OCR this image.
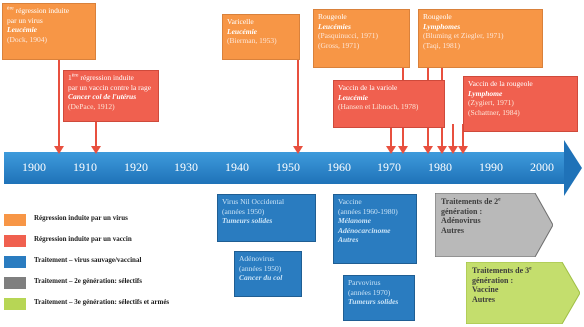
1900 1910 1920 1930 1940 1950 1960 1970 1980 1990 2000
$^{ère}$ régression induite
par un virus
Leucémie
(Dock, 1904)
1ère régression induite
par un vaccin contre la rage
Cancer col de l'utérus
(DePace, 1912)
Varicelle
Leucémie
(Bierman, 1953)
Rougeole
Leucémies
(Pasquinucci, 1971)
(Gross, 1971)
Rougeole
Lymphomes
(Bluming et Ziegler, 1971)
(Taqi, 1981)
Vaccin de la variole
Leucémie
(Hansen et Libnoch, 1978)
Vaccin de la rougeole
Lymphome
(Zygiert, 1971)
(Schattner, 1984)
Virus Nil Occidental
(années 1950)
Tumeurs solides
Adénovirus
(années 1950)
Cancer du col
Vaccine
(années 1960-1980)
Mélanome
Adénocarcinome
Autres
Parvovirus
(années 1970)
Tumeurs solides
Traitements de 2e
génération :
Adénovirus
Autres
Traitements de 3e
génération :
Vaccine
Autres
Régression induite par un virus
Régression induite par un vaccin
Traitement – virus sauvage/vaccinal
Traitement – 2e génération: sélectifs
Traitement – 3e génération: sélectifs et armés
